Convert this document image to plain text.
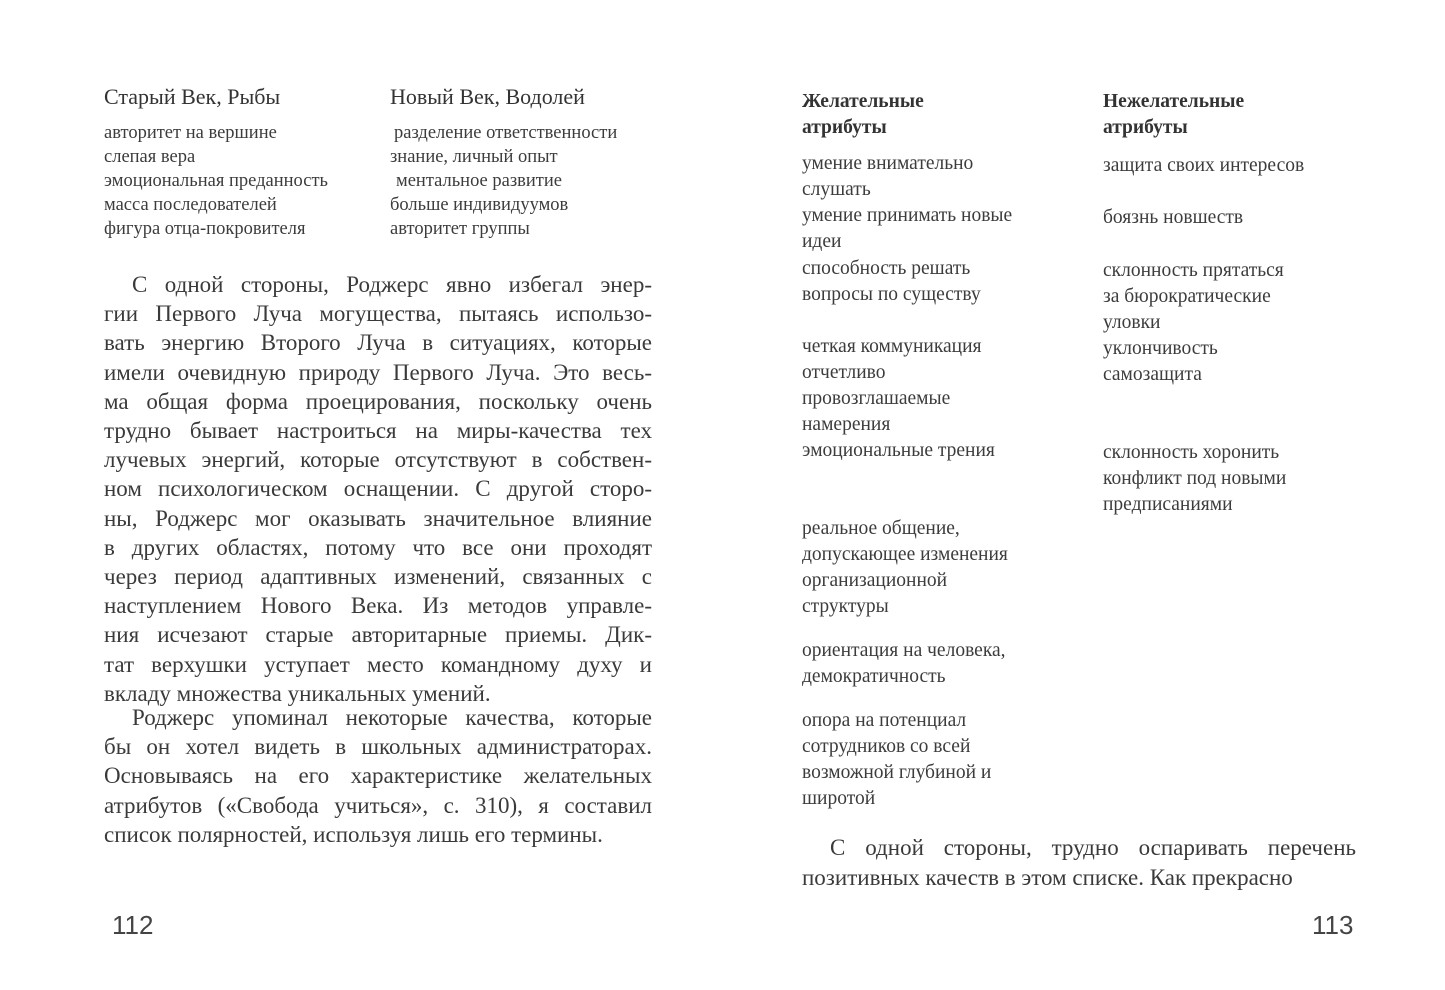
Старый Век, Рыбы	Новый Век, Водолей
авторитет на вершине
слепая вера
эмоциональная преданность
масса последователей
фигура отца-покровителя
разделение ответственности
знание, личный опыт
ментальное развитие
больше индивидуумов
авторитет группы
С одной стороны, Роджерс явно избегал энер-
гии Первого Луча могущества, пытаясь использо-
вать энергию Второго Луча в ситуациях, которые
имели очевидную природу Первого Луча. Это весь-
ма общая форма проецирования, поскольку очень
трудно бывает настроиться на миры-качества тех
лучевых энергий, которые отсутствуют в собствен-
ном психологическом оснащении. С другой сторо-
ны, Роджерс мог оказывать значительное влияние
в других областях, потому что все они проходят
через период адаптивных изменений, связанных с
наступлением Нового Века. Из методов управле-
ния исчезают старые авторитарные приемы. Дик-
тат верхушки уступает место командному духу и
вкладу множества уникальных умений.
Роджерс упоминал некоторые качества, которые
бы он хотел видеть в школьных администраторах.
Основываясь на его характеристике желательных
атрибутов («Свобода учиться», с. 310), я составил
список полярностей, используя лишь его термины.
112
Желательные
атрибуты
Нежелательные
атрибуты
умение внимательно
слушать
умение принимать новые
идеи
способность решать
вопросы по существу
четкая коммуникация
отчетливо
провозглашаемые
намерения
эмоциональные трения
реальное общение,
допускающее изменения
организационной
структуры
ориентация на человека,
демократичность
опора на потенциал
сотрудников со всей
возможной глубиной и
широтой
защита своих интересов
боязнь новшеств
склонность прятаться
за бюрократические
уловки
уклончивость
самозащита
склонность хоронить
конфликт под новыми
предписаниями
С одной стороны, трудно оспаривать перечень
позитивных качеств в этом списке. Как прекрасно
113
